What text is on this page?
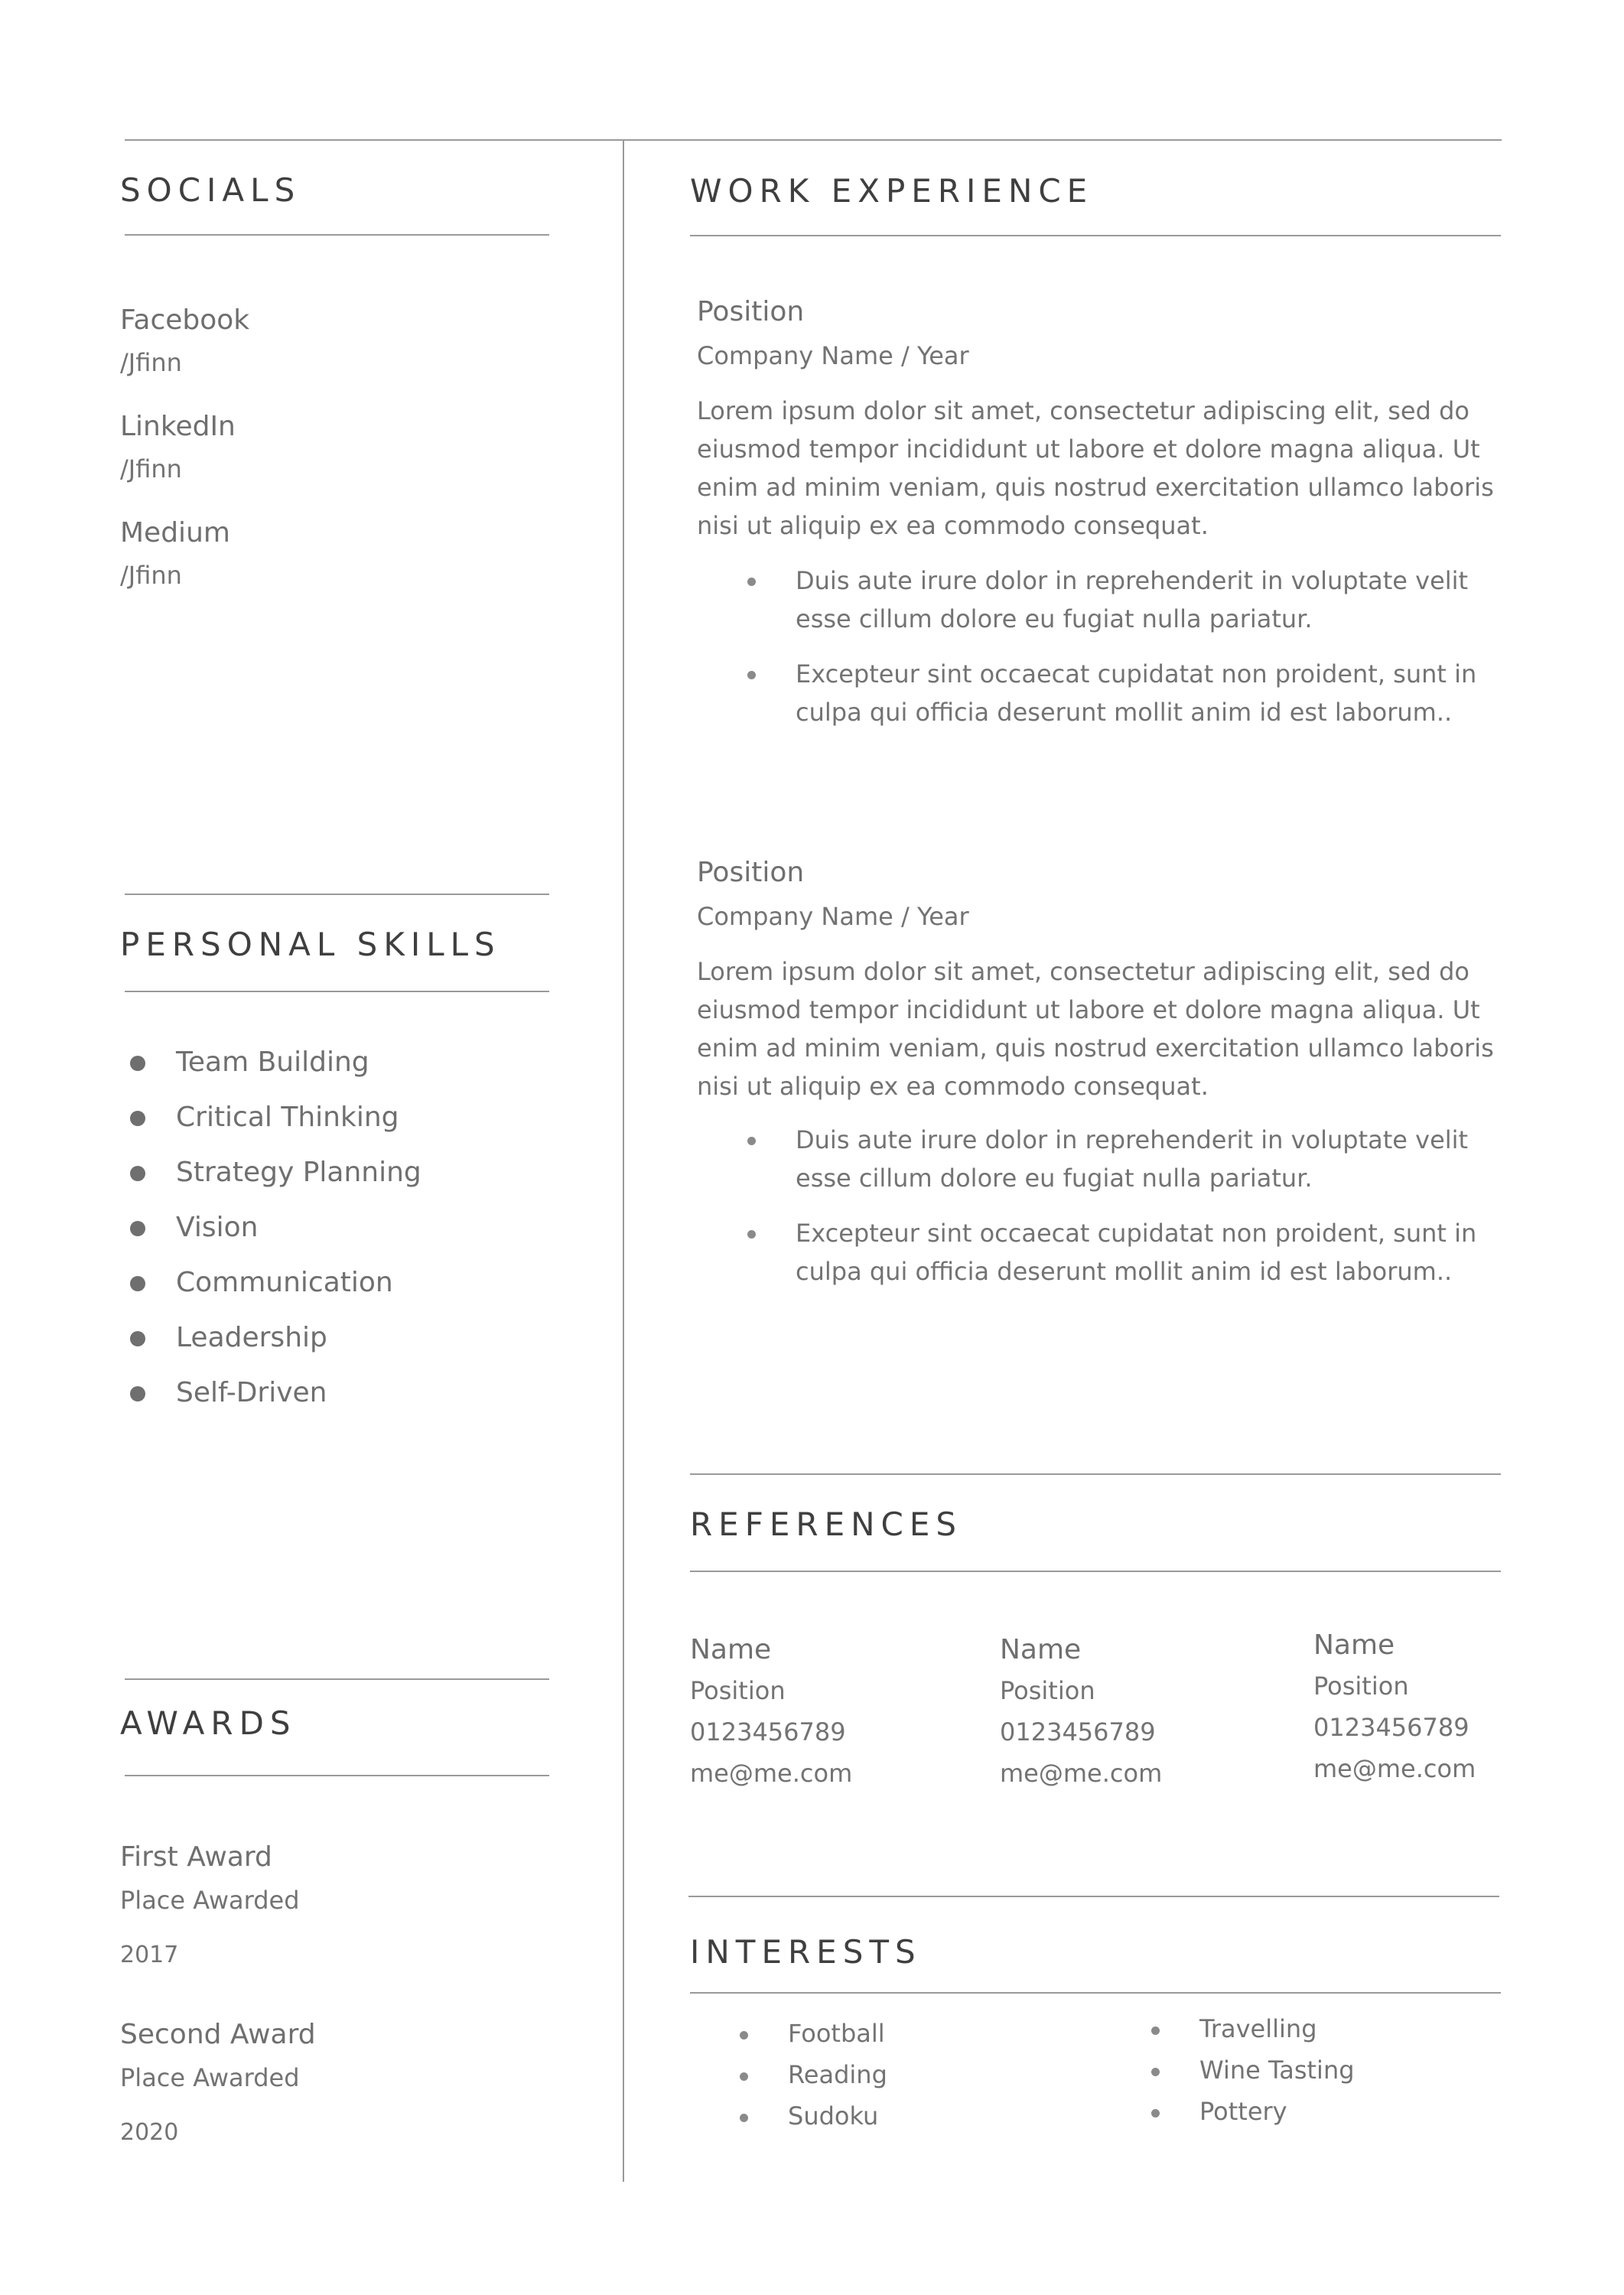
SOCIALS
Facebook
/Jfinn
LinkedIn
/Jfinn
Medium
/Jfinn
PERSONAL SKILLS
Team Building
Critical Thinking
Strategy Planning
Vision
Communication
Leadership
Self-Driven
AWARDS
First Award
Place Awarded
2017
Second Award
Place Awarded
2020
WORK EXPERIENCE
Position
Company Name / Year

Lorem ipsum dolor sit amet, consectetur adipiscing elit, sed do eiusmod tempor incididunt ut labore et dolore magna aliqua. Ut enim ad minim veniam, quis nostrud exercitation ullamco laboris nisi ut aliquip ex ea commodo consequat.

Duis aute irure dolor in reprehenderit in voluptate velit esse cillum dolore eu fugiat nulla pariatur.

Excepteur sint occaecat cupidatat non proident, sunt in culpa qui officia deserunt mollit anim id est laborum..

Position
Company Name / Year

Lorem ipsum dolor sit amet, consectetur adipiscing elit, sed do eiusmod tempor incididunt ut labore et dolore magna aliqua. Ut enim ad minim veniam, quis nostrud exercitation ullamco laboris nisi ut aliquip ex ea commodo consequat.

Duis aute irure dolor in reprehenderit in voluptate velit esse cillum dolore eu fugiat nulla pariatur.

Excepteur sint occaecat cupidatat non proident, sunt in culpa qui officia deserunt mollit anim id est laborum..

REFERENCES
Name
Position
0123456789
me@me.com
Name
Position
0123456789
me@me.com
Name
Position
0123456789
me@me.com
INTERESTS
Football
Reading
Sudoku
Travelling
Wine Tasting
Pottery
